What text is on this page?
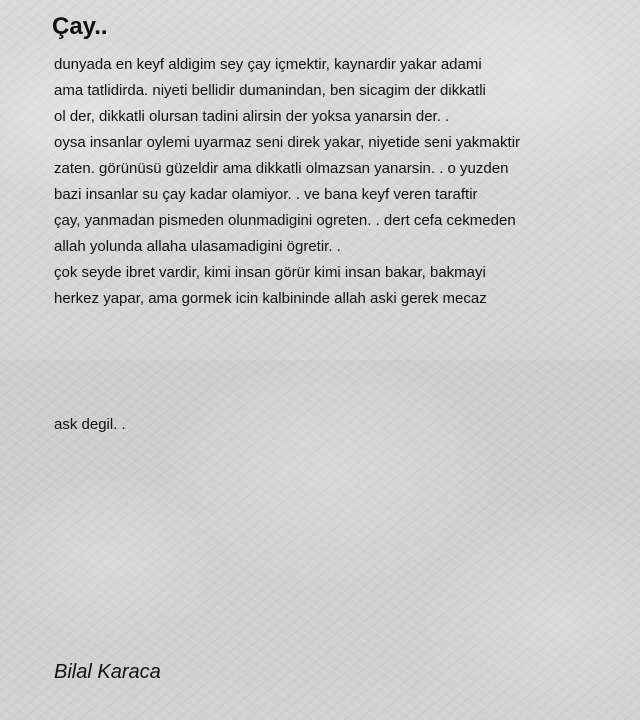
Çay..
dunyada en keyf aldigim sey çay içmektir, kaynardir yakar adami
ama tatlidirda. niyeti bellidir dumanindan, ben sicagim der dikkatli
ol der, dikkatli olursan tadini alirsin der yoksa yanarsin der. .
oysa insanlar oylemi uyarmaz seni direk yakar, niyetide seni yakmaktir
zaten. görünüsü güzeldir ama dikkatli olmazsan yanarsin. . o yuzden
bazi insanlar su çay kadar olamiyor. . ve bana keyf veren taraftir
çay, yanmadan pismeden olunmadigini ogreten. . dert cefa cekmeden
allah yolunda allaha ulasamadigini ögretir. .
çok seyde ibret vardir, kimi insan görür kimi insan bakar, bakmayi
herkez yapar, ama gormek icin kalbininde allah aski gerek mecaz

ask degil. .

Bilal Karaca
